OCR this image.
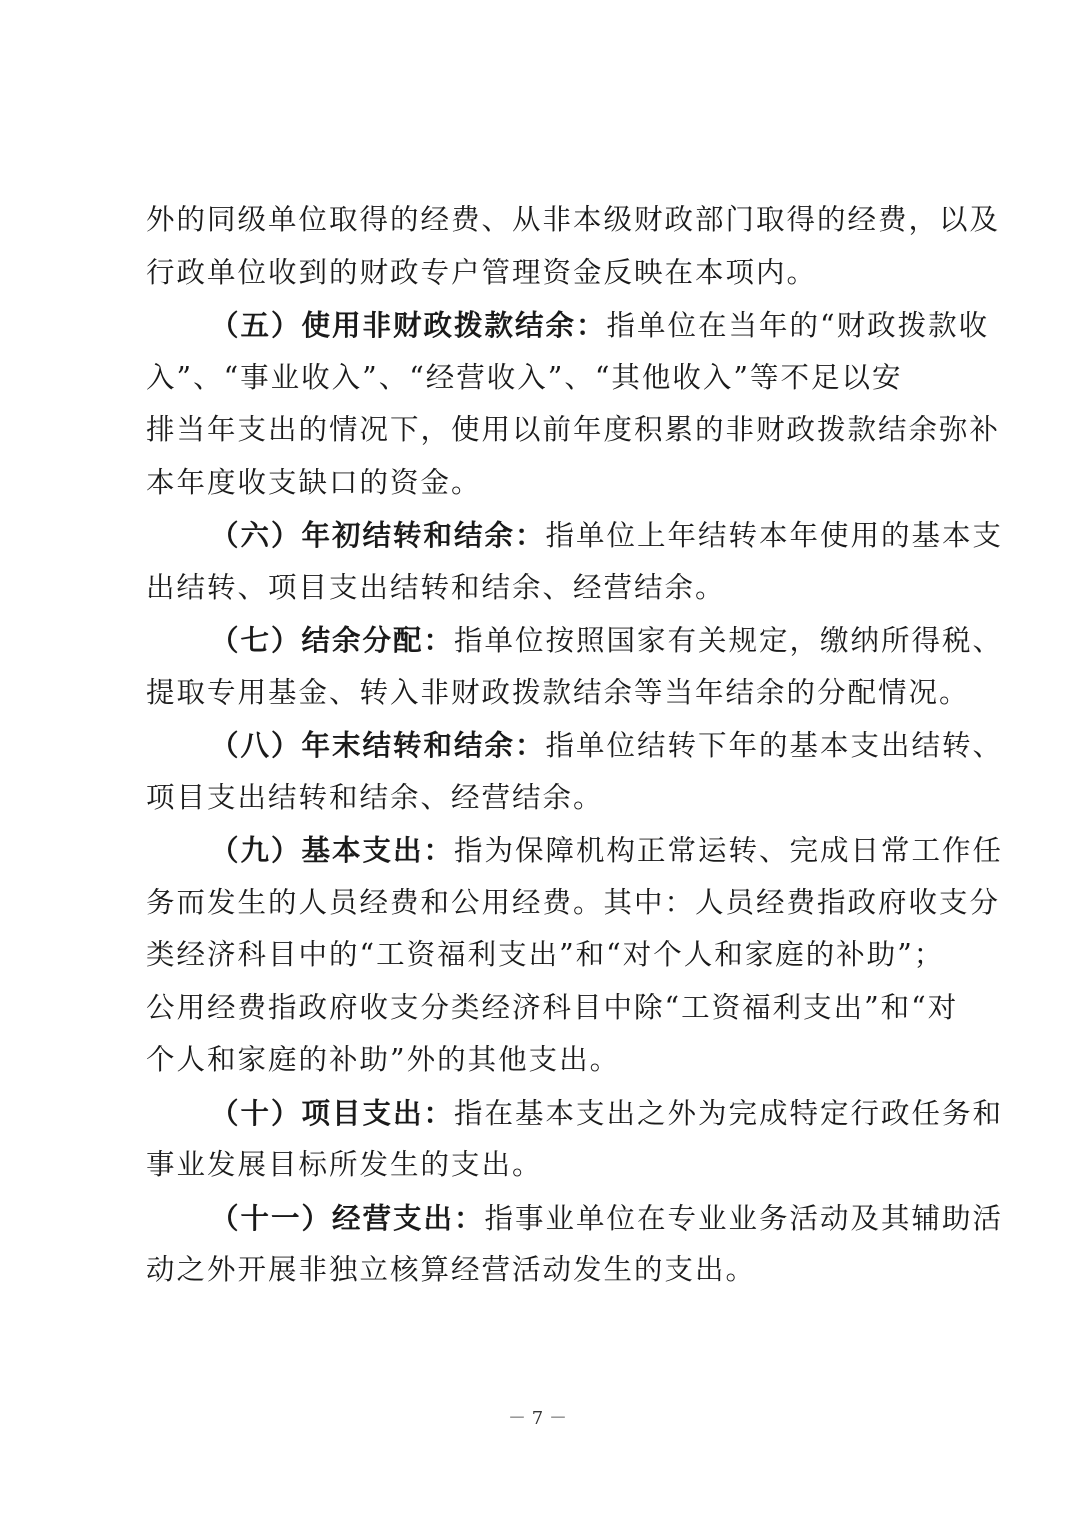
外的同级单位取得的经费、从非本级财政部门取得的经费，以及
行政单位收到的财政专户管理资金反映在本项内。
（五）使用非财政拨款结余：指单位在当年的“财政拨款收
入”、“事业收入”、“经营收入”、“其他收入”等不足以安
排当年支出的情况下，使用以前年度积累的非财政拨款结余弥补
本年度收支缺口的资金。
（六）年初结转和结余：指单位上年结转本年使用的基本支
出结转、项目支出结转和结余、经营结余。
（七）结余分配：指单位按照国家有关规定，缴纳所得税、
提取专用基金、转入非财政拨款结余等当年结余的分配情况。
（八）年末结转和结余：指单位结转下年的基本支出结转、
项目支出结转和结余、经营结余。
（九）基本支出：指为保障机构正常运转、完成日常工作任
务而发生的人员经费和公用经费。其中：人员经费指政府收支分
类经济科目中的“工资福利支出”和“对个人和家庭的补助”；
公用经费指政府收支分类经济科目中除“工资福利支出”和“对
个人和家庭的补助”外的其他支出。
（十）项目支出：指在基本支出之外为完成特定行政任务和
事业发展目标所发生的支出。
（十一）经营支出：指事业单位在专业业务活动及其辅助活
动之外开展非独立核算经营活动发生的支出。
－ 7 －
